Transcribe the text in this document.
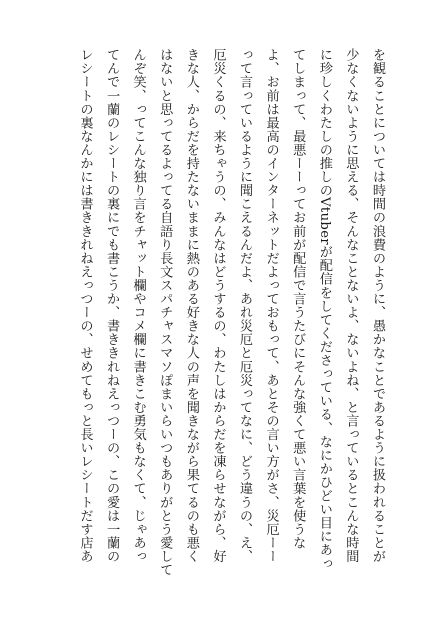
を観ることについては時間の浪費のように、愚かなことであるように扱われることが
少なくないように思える、そんなことないよ、ないよね、と言っているとこんな時間
に珍しくわたしの推しのVtuberが配信をしてくださっている、なにかひどい目にあっ
てしまって、最悪ーーってお前が配信で言うたびにそんな強くて悪い言葉を使うな
よ、お前は最高のインターネットだよっておもって、あとその言い方がさ、災厄ーー
って言っているように聞こえるんだよ、あれ災厄と厄災ってなに、どう違うの、え、
厄災くるの、来ちゃうの、みんなはどうするの、わたしはからだを凍らせながら、好
きな人、からだを持たないままに熱のある好きな人の声を聞きながら果てるのも悪く
はないと思ってるよってる自語り長文スパチャスマソぽまいらいつもありがとう愛して
んぞ笑、ってこんな独り言をチャット欄やコメ欄に書きこむ勇気もなくて、じゃあっ
てんで一蘭のレシートの裏にでも書こうか、書ききれねえっつーの、この愛は一蘭の
レシートの裏なんかには書ききれねえっつーの、せめてもっと長いレシートだす店あ
